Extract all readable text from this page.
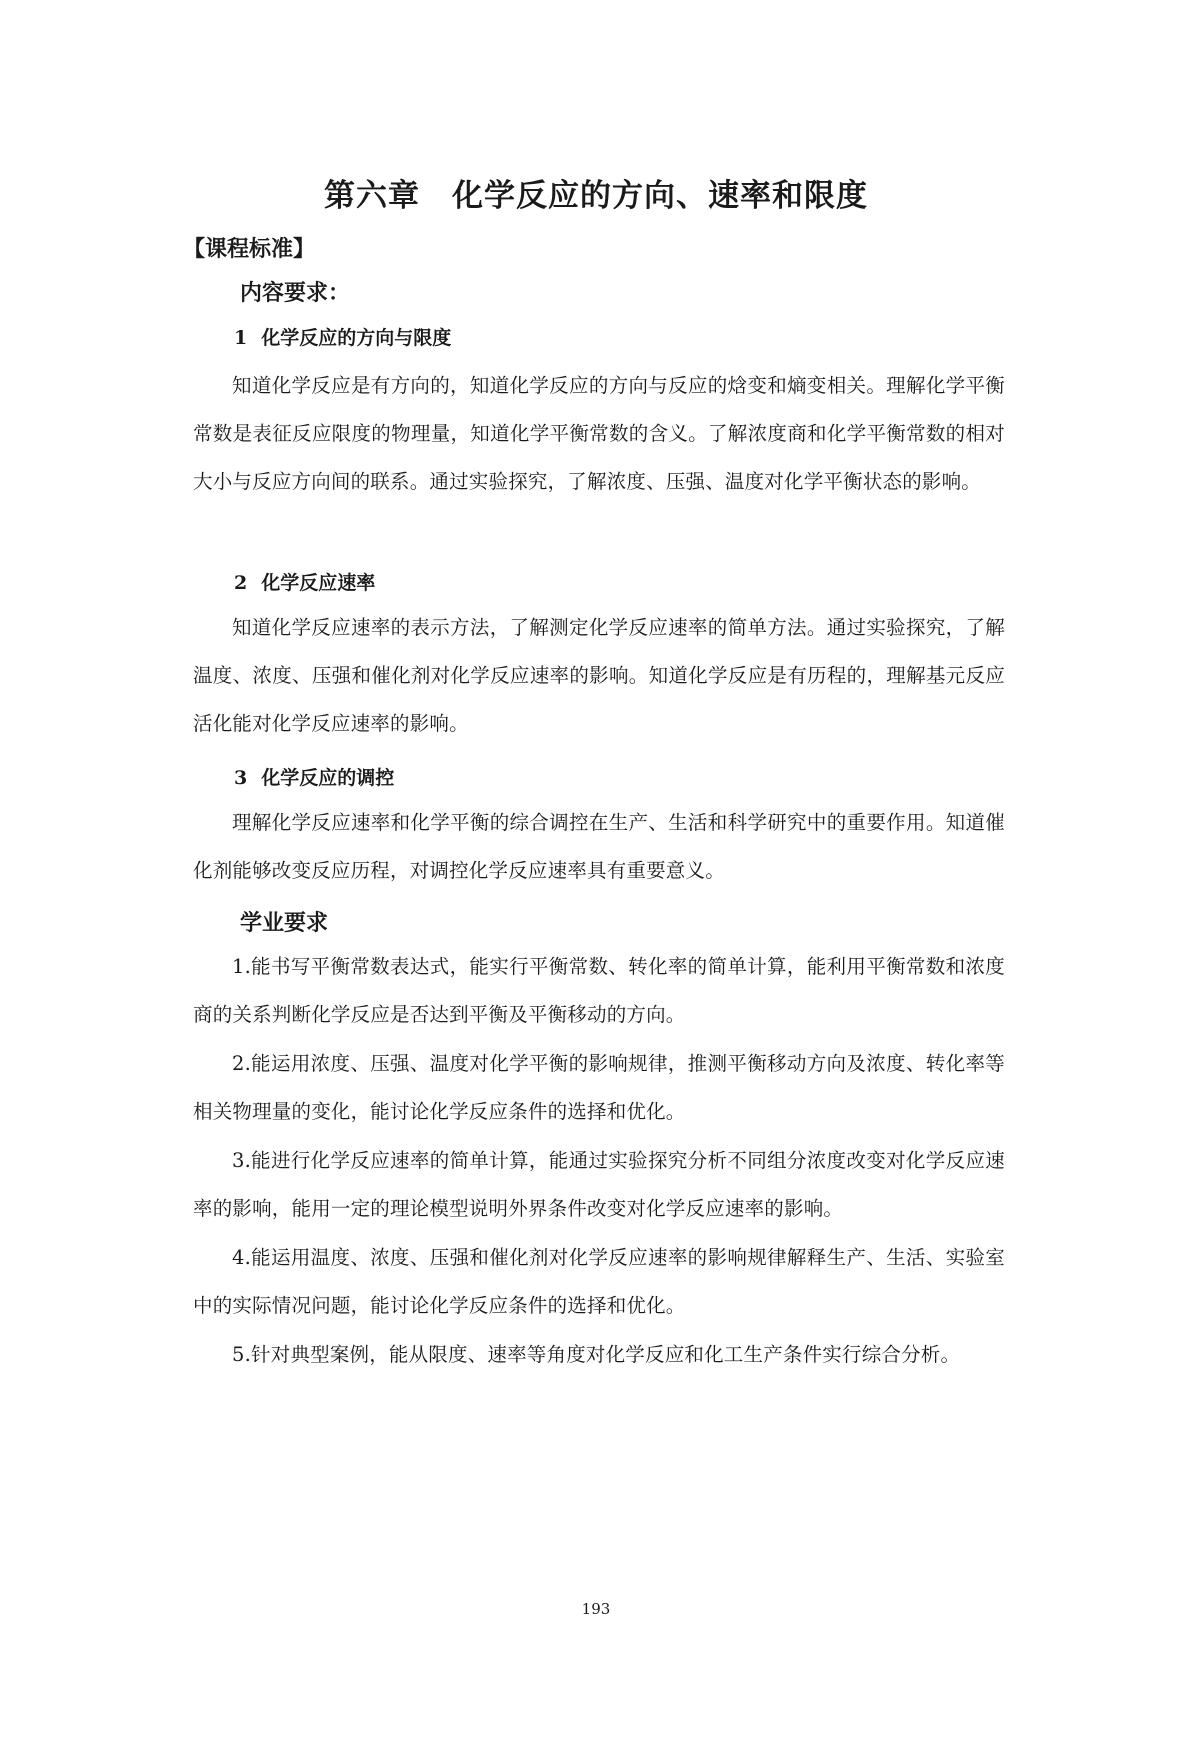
第六章　化学反应的方向、速率和限度
【课程标准】
内容要求：
1 化学反应的方向与限度

知道化学反应是有方向的，知道化学反应的方向与反应的焓变和熵变相关。理解化学平衡常数是表征反应限度的物理量，知道化学平衡常数的含义。了解浓度商和化学平衡常数的相对大小与反应方向间的联系。通过实验探究，了解浓度、压强、温度对化学平衡状态的影响。

2 化学反应速率

知道化学反应速率的表示方法，了解测定化学反应速率的简单方法。通过实验探究，了解温度、浓度、压强和催化剂对化学反应速率的影响。知道化学反应是有历程的，理解基元反应活化能对化学反应速率的影响。

3 化学反应的调控

理解化学反应速率和化学平衡的综合调控在生产、生活和科学研究中的重要作用。知道催化剂能够改变反应历程，对调控化学反应速率具有重要意义。

学业要求

1.能书写平衡常数表达式，能实行平衡常数、转化率的简单计算，能利用平衡常数和浓度商的关系判断化学反应是否达到平衡及平衡移动的方向。

2.能运用浓度、压强、温度对化学平衡的影响规律，推测平衡移动方向及浓度、转化率等相关物理量的变化，能讨论化学反应条件的选择和优化。

3.能进行化学反应速率的简单计算，能通过实验探究分析不同组分浓度改变对化学反应速率的影响，能用一定的理论模型说明外界条件改变对化学反应速率的影响。

4.能运用温度、浓度、压强和催化剂对化学反应速率的影响规律解释生产、生活、实验室中的实际情况问题，能讨论化学反应条件的选择和优化。

5.针对典型案例，能从限度、速率等角度对化学反应和化工生产条件实行综合分析。

193
